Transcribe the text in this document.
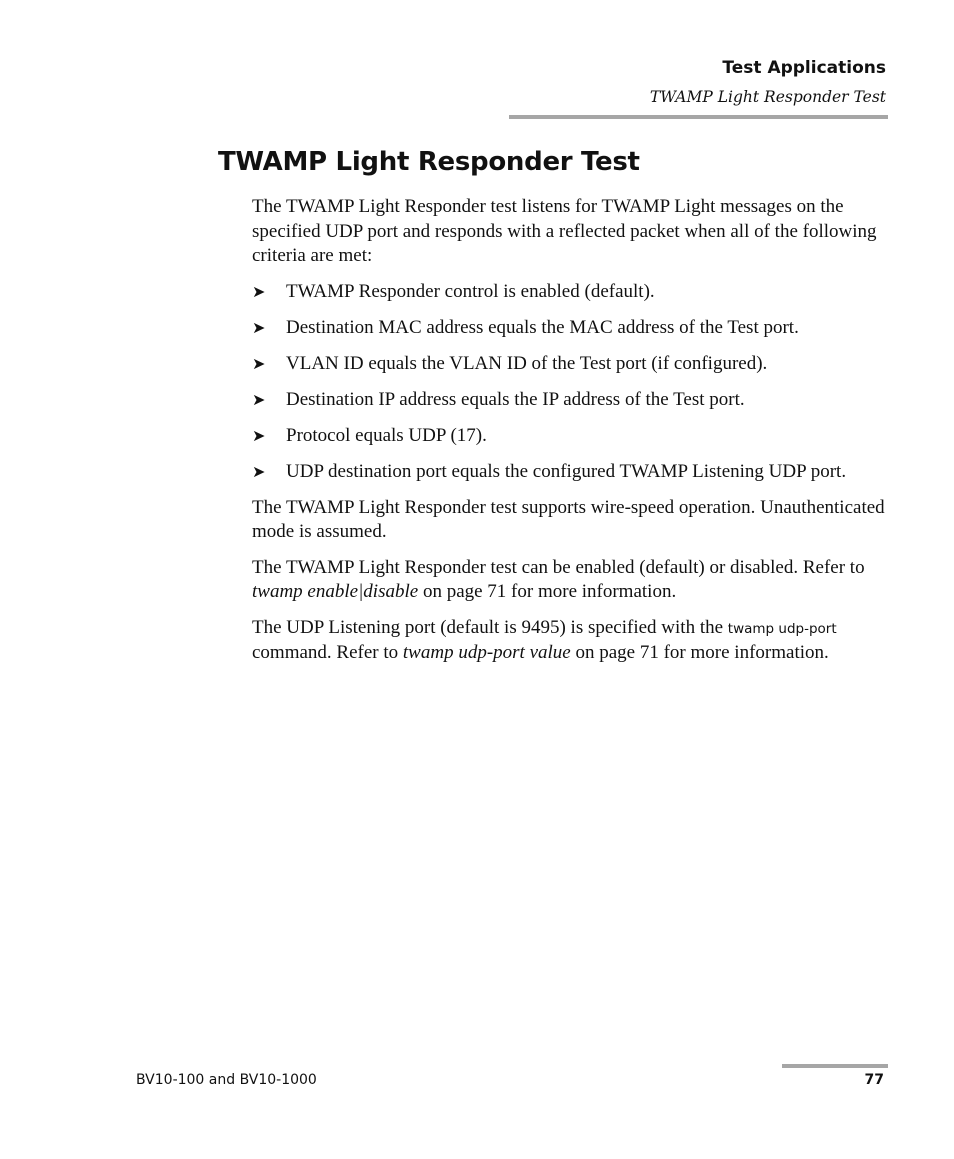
Test Applications
TWAMP Light Responder Test
TWAMP Light Responder Test

The TWAMP Light Responder test listens for TWAMP Light messages on the specified UDP port and responds with a reflected packet when all of the following criteria are met:

➤ TWAMP Responder control is enabled (default).
➤ Destination MAC address equals the MAC address of the Test port.
➤ VLAN ID equals the VLAN ID of the Test port (if configured).
➤ Destination IP address equals the IP address of the Test port.
➤ Protocol equals UDP (17).
➤ UDP destination port equals the configured TWAMP Listening UDP port.

The TWAMP Light Responder test supports wire-speed operation. Unauthenticated mode is assumed.

The TWAMP Light Responder test can be enabled (default) or disabled. Refer to twamp enable|disable on page 71 for more information.

The UDP Listening port (default is 9495) is specified with the twamp udp-port command. Refer to twamp udp-port value on page 71 for more information.

BV10-100 and BV10-1000	77
